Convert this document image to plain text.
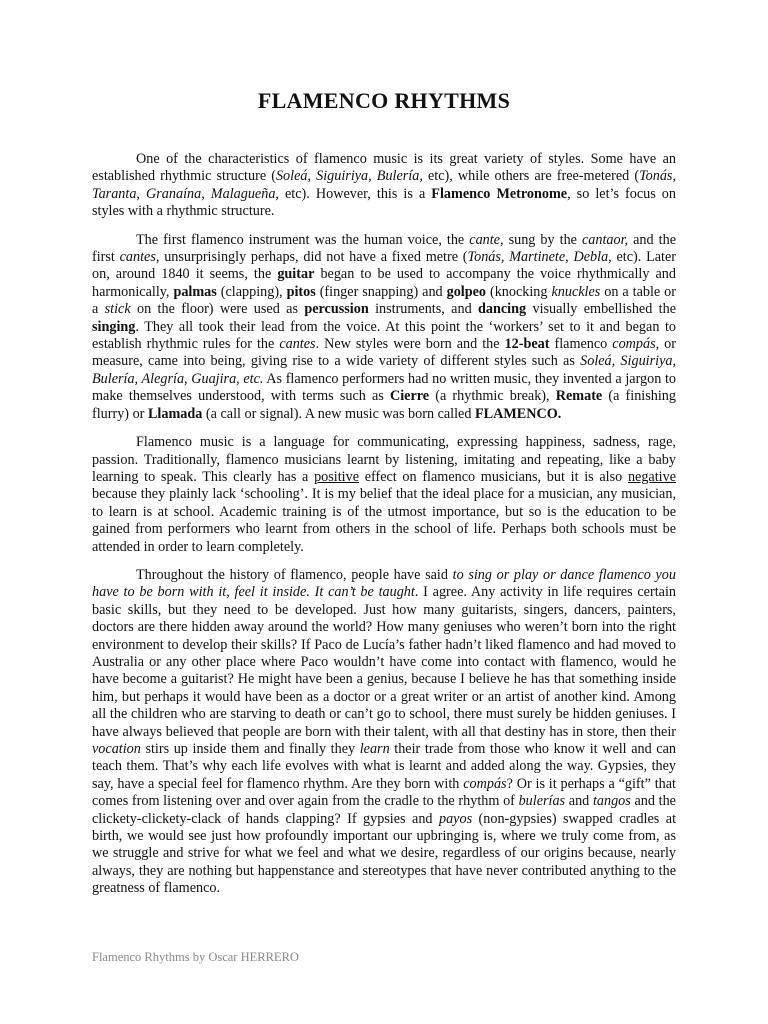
FLAMENCO RHYTHMS

One of the characteristics of flamenco music is its great variety of styles. Some have an established rhythmic structure (Soleá, Siguiriya, Bulería, etc), while others are free-metered (Tonás, Taranta, Granaína, Malagueña, etc). However, this is a Flamenco Metronome, so let’s focus on styles with a rhythmic structure.

The first flamenco instrument was the human voice, the cante, sung by the cantaor, and the first cantes, unsurprisingly perhaps, did not have a fixed metre (Tonás, Martinete, Debla, etc). Later on, around 1840 it seems, the guitar began to be used to accompany the voice rhythmically and harmonically, palmas (clapping), pitos (finger snapping) and golpeo (knocking knuckles on a table or a stick on the floor) were used as percussion instruments, and dancing visually embellished the singing. They all took their lead from the voice. At this point the ‘workers’ set to it and began to establish rhythmic rules for the cantes. New styles were born and the 12-beat flamenco compás, or measure, came into being, giving rise to a wide variety of different styles such as Soleá, Siguiriya, Bulería, Alegría, Guajira, etc. As flamenco performers had no written music, they invented a jargon to make themselves understood, with terms such as Cierre (a rhythmic break), Remate (a finishing flurry) or Llamada (a call or signal). A new music was born called FLAMENCO.

Flamenco music is a language for communicating, expressing happiness, sadness, rage, passion. Traditionally, flamenco musicians learnt by listening, imitating and repeating, like a baby learning to speak. This clearly has a positive effect on flamenco musicians, but it is also negative because they plainly lack ‘schooling’. It is my belief that the ideal place for a musician, any musician, to learn is at school. Academic training is of the utmost importance, but so is the education to be gained from performers who learnt from others in the school of life. Perhaps both schools must be attended in order to learn completely.

Throughout the history of flamenco, people have said to sing or play or dance flamenco you have to be born with it, feel it inside. It can’t be taught. I agree. Any activity in life requires certain basic skills, but they need to be developed. Just how many guitarists, singers, dancers, painters, doctors are there hidden away around the world? How many geniuses who weren’t born into the right environment to develop their skills? If Paco de Lucía’s father hadn’t liked flamenco and had moved to Australia or any other place where Paco wouldn’t have come into contact with flamenco, would he have become a guitarist? He might have been a genius, because I believe he has that something inside him, but perhaps it would have been as a doctor or a great writer or an artist of another kind. Among all the children who are starving to death or can’t go to school, there must surely be hidden geniuses. I have always believed that people are born with their talent, with all that destiny has in store, then their vocation stirs up inside them and finally they learn their trade from those who know it well and can teach them. That’s why each life evolves with what is learnt and added along the way. Gypsies, they say, have a special feel for flamenco rhythm. Are they born with compás? Or is it perhaps a “gift” that comes from listening over and over again from the cradle to the rhythm of bulerías and tangos and the clickety-clickety-clack of hands clapping? If gypsies and payos (non-gypsies) swapped cradles at birth, we would see just how profoundly important our upbringing is, where we truly come from, as we struggle and strive for what we feel and what we desire, regardless of our origins because, nearly always, they are nothing but happenstance and stereotypes that have never contributed anything to the greatness of flamenco.

Flamenco Rhythms by Oscar HERRERO
